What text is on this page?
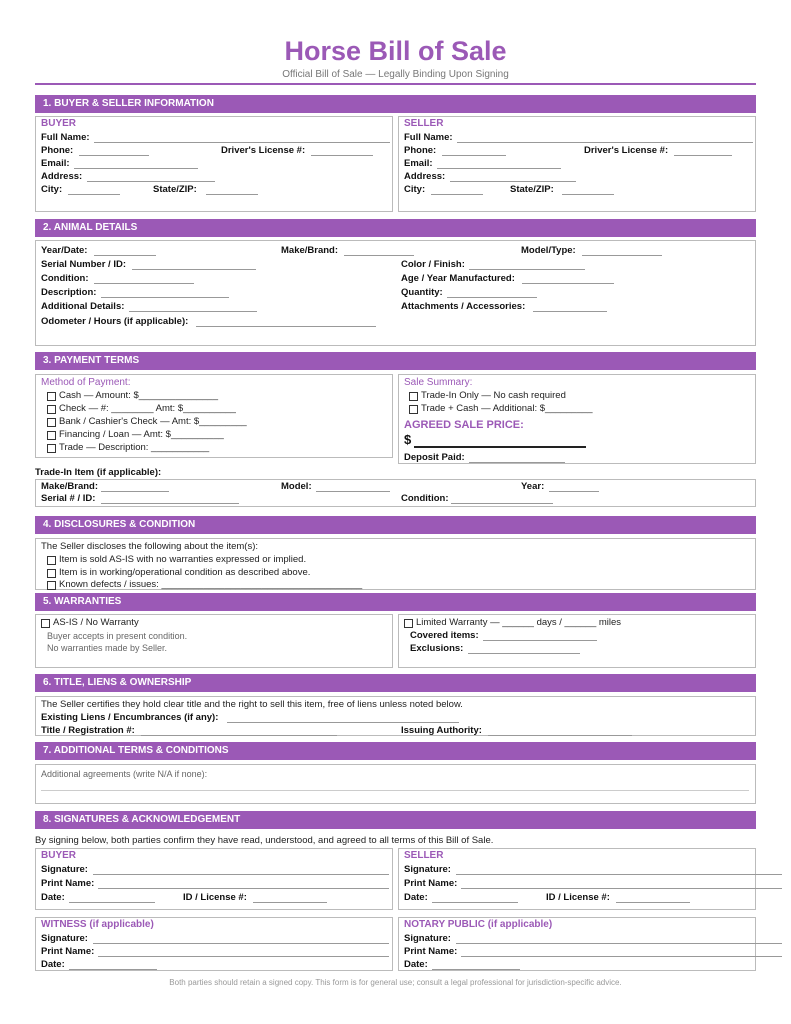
Horse Bill of Sale
Official Bill of Sale — Legally Binding Upon Signing
1. BUYER & SELLER INFORMATION
BUYER
Full Name:
Phone:	Driver's License #:
Email:
Address:
City:	State/ZIP:
SELLER
Full Name:
Phone:	Driver's License #:
Email:
Address:
City:	State/ZIP:
2. ANIMAL DETAILS
Year/Date:	Make/Brand:	Model/Type:
Serial Number / ID:	Color / Finish:
Condition:	Age / Year Manufactured:
Description:	Quantity:
Additional Details:	Attachments / Accessories:
Odometer / Hours (if applicable):
3. PAYMENT TERMS
Method of Payment:
Cash — Amount: $_______________
Check — #: ________ Amt: $__________
Bank / Cashier's Check — Amt: $_________
Financing / Loan — Amt: $__________
Trade — Description: ___________
Sale Summary:
Trade-In Only — No cash required
Trade + Cash — Additional: $_________
AGREED SALE PRICE:
$
Deposit Paid:
Trade-In Item (if applicable):
Make/Brand:	Model:	Year:
Serial # / ID:	Condition:
4. DISCLOSURES & CONDITION
The Seller discloses the following about the item(s):
Item is sold AS-IS with no warranties expressed or implied.
Item is in working/operational condition as described above.
Known defects / issues: ______________________________________
5. WARRANTIES
AS-IS / No Warranty
Buyer accepts in present condition.
No warranties made by Seller.
Limited Warranty — ______ days / ______ miles
Covered items:
Exclusions:
6. TITLE, LIENS & OWNERSHIP
The Seller certifies they hold clear title and the right to sell this item, free of liens unless noted below.
Existing Liens / Encumbrances (if any):
Title / Registration #:	Issuing Authority:
7. ADDITIONAL TERMS & CONDITIONS
Additional agreements (write N/A if none):
8. SIGNATURES & ACKNOWLEDGEMENT
By signing below, both parties confirm they have read, understood, and agreed to all terms of this Bill of Sale.
BUYER
Signature:
Print Name:
Date:	ID / License #:
SELLER
Signature:
Print Name:
Date:	ID / License #:
WITNESS (if applicable)
Signature:
Print Name:
Date:
NOTARY PUBLIC (if applicable)
Signature:
Print Name:
Date:
Both parties should retain a signed copy. This form is for general use; consult a legal professional for jurisdiction-specific advice.
